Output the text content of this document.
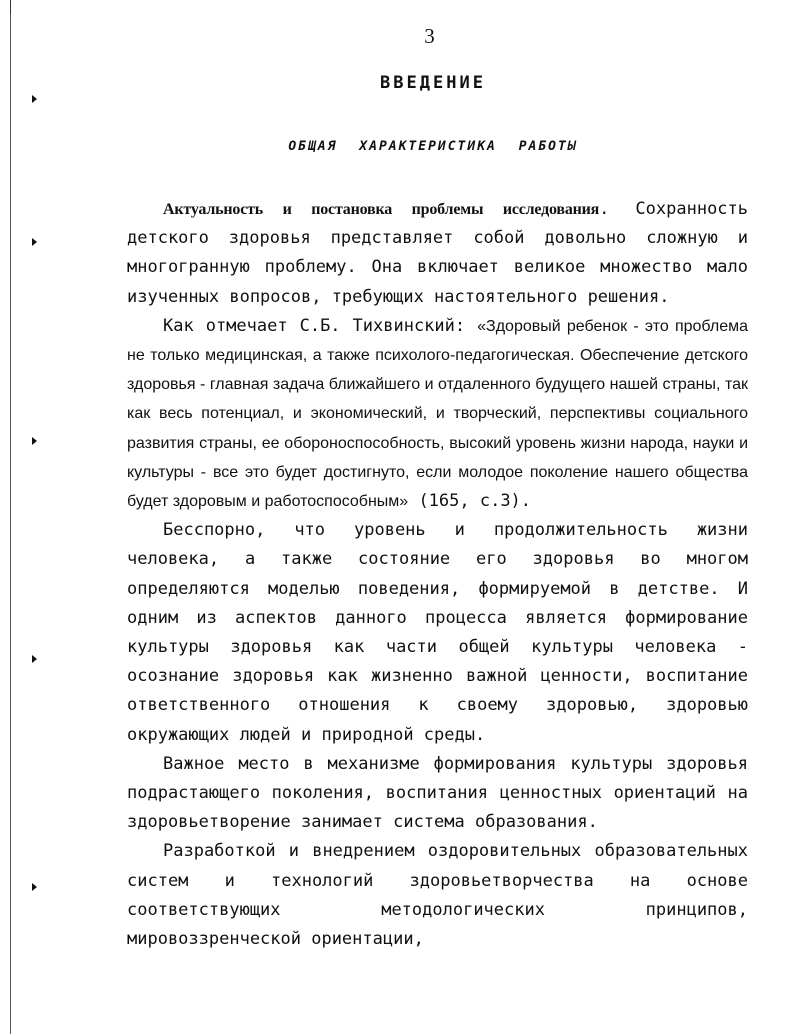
3
ВВЕДЕНИЕ
ОБЩАЯ ХАРАКТЕРИСТИКА РАБОТЫ

Актуальность и постановка проблемы исследования. Сохранность детского здоровья представляет собой довольно сложную и многогранную проблему. Она включает великое множество мало изученных вопросов, требующих настоятельного решения.

Как отмечает С.Б. Тихвинский: «Здоровый ребенок - это проблема не только медицинская, а также психолого-педагогическая. Обеспечение детского здоровья - главная задача ближайшего и отдаленного будущего нашей страны, так как весь потенциал, и экономический, и творческий, перспективы социального развития страны, ее обороноспособность, высокий уровень жизни народа, науки и культуры - все это будет достигнуто, если молодое поколение нашего общества будет здоровым и работоспособным» (165, с.3).

Бесспорно, что уровень и продолжительность жизни человека, а также состояние его здоровья во многом определяются моделью поведения, формируемой в детстве. И одним из аспектов данного процесса является формирование культуры здоровья как части общей культуры человека - осознание здоровья как жизненно важной ценности, воспитание ответственного отношения к своему здоровью, здоровью окружающих людей и природной среды.

Важное место в механизме формирования культуры здоровья подрастающего поколения, воспитания ценностных ориентаций на здоровьетворение занимает система образования.

Разработкой и внедрением оздоровительных образовательных систем и технологий здоровьетворчества на основе соответствующих методологических принципов, мировоззренческой ориентации,
